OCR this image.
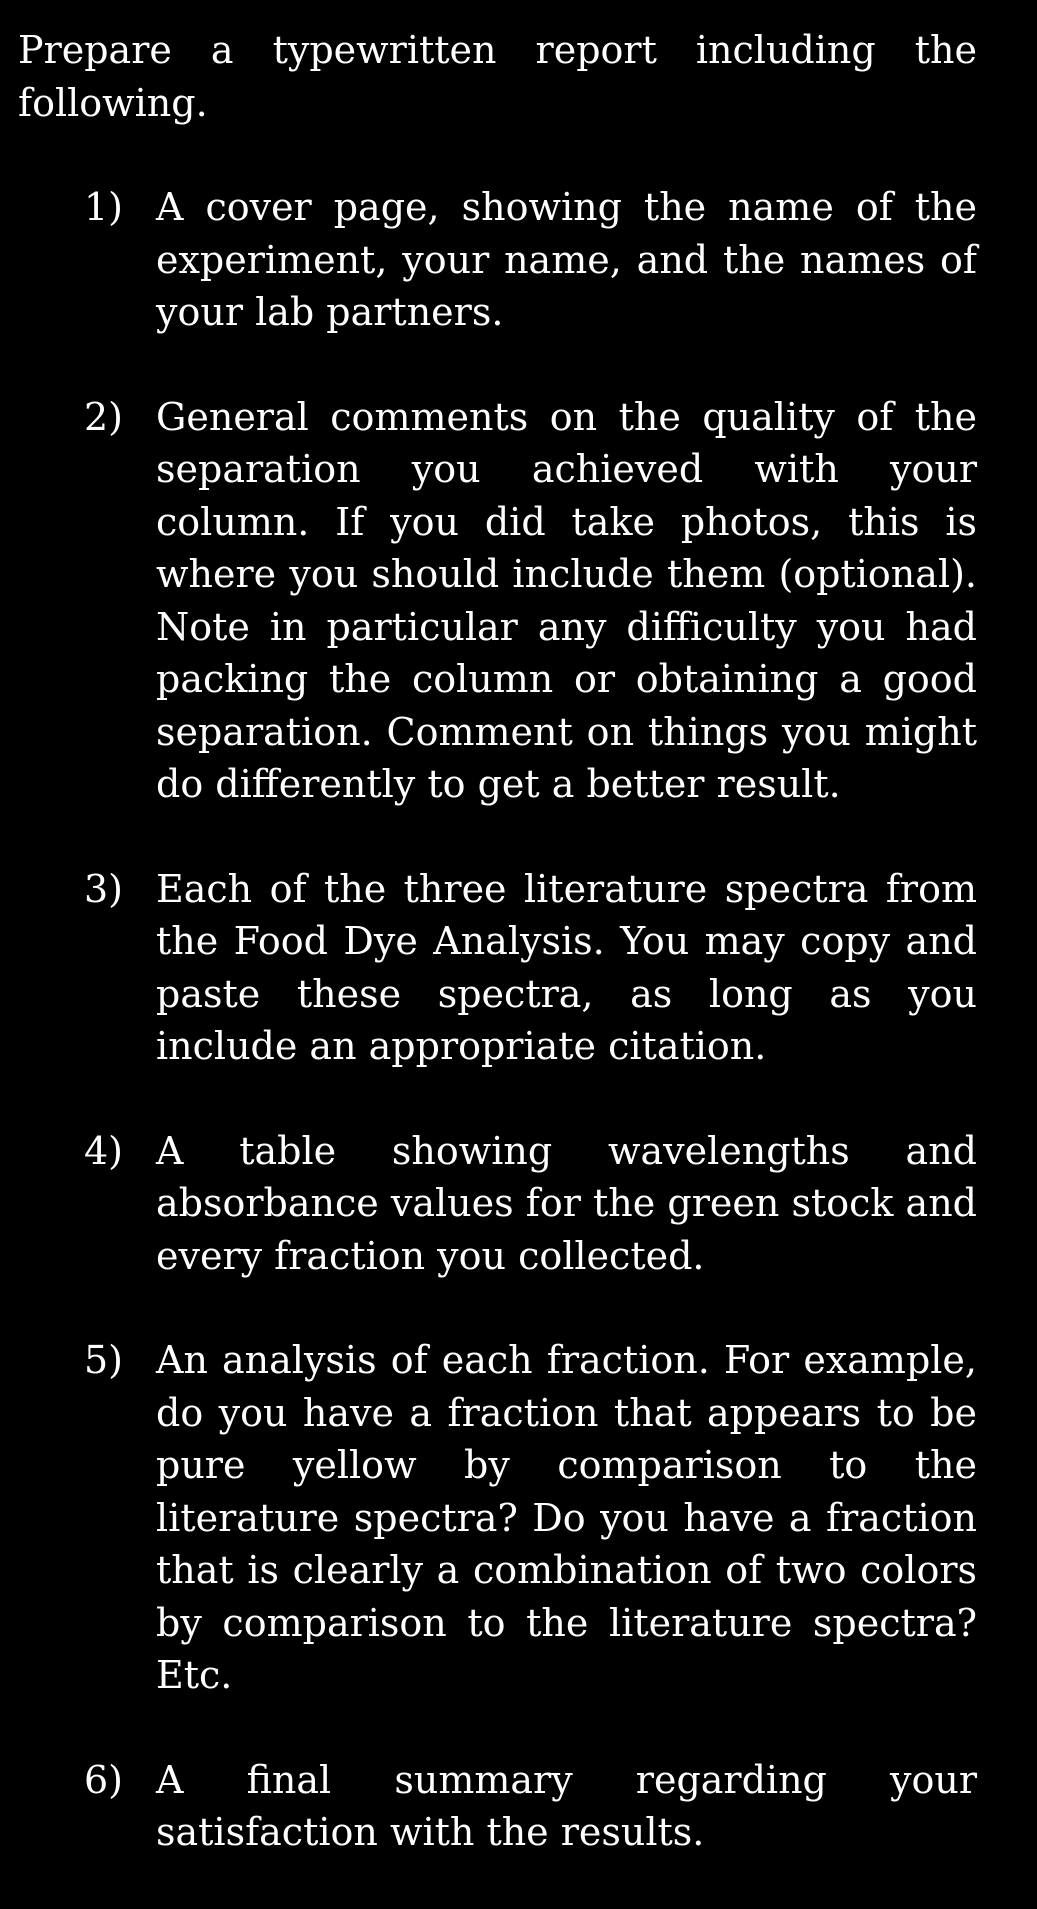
Prepare a typewritten report including the following.

1) A cover page, showing the name of the experiment, your name, and the names of your lab partners.
2) General comments on the quality of the separation you achieved with your column. If you did take photos, this is where you should include them (optional). Note in particular any difficulty you had packing the column or obtaining a good separation. Comment on things you might do differently to get a better result.
3) Each of the three literature spectra from the Food Dye Analysis. You may copy and paste these spectra, as long as you include an appropriate citation.
4) A table showing wavelengths and absorbance values for the green stock and every fraction you collected.
5) An analysis of each fraction. For example, do you have a fraction that appears to be pure yellow by comparison to the literature spectra? Do you have a fraction that is clearly a combination of two colors by comparison to the literature spectra? Etc.
6) A final summary regarding your satisfaction with the results.
